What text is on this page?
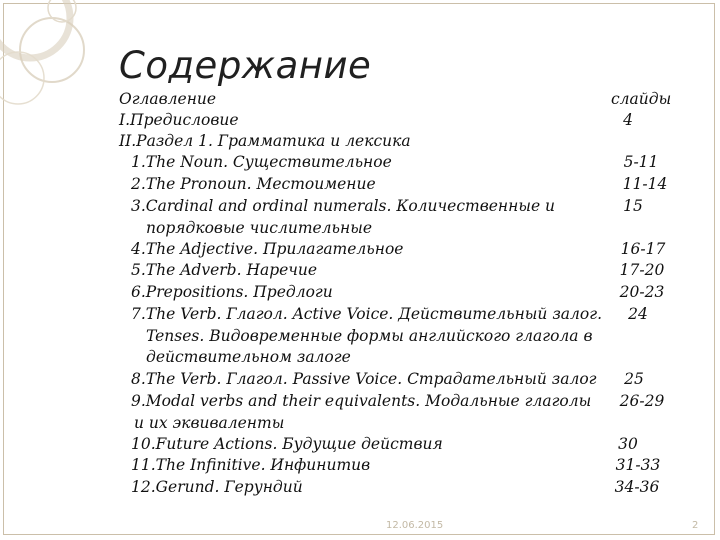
Содержание
Оглавление	слайды
I.Предисловие	4
II.Раздел 1. Грамматика и лексика
1.The Noun. Существительное	5-11
2.The Pronoun. Местоимение	11-14
3.Cardinal and ordinal numerals. Количественные и	15
порядковые числительные
4.The Adjective. Прилагательное	16-17
5.The Adverb. Наречие	17-20
6.Prepositions. Предлоги	20-23
7.The Verb. Глагол. Active Voice. Действительный залог.	24
Tenses. Видовременные формы английского глагола в
действительном залоге
8.The Verb. Глагол. Passive Voice. Страдательный залог	25
9.Modal verbs and their equivalents. Модальные глаголы	26-29
и их эквиваленты
10.Future Actions. Будущие действия	30
11.The Infinitive. Инфинитив	31-33
12.Gerund. Герундий	34-36
12.06.2015	2
